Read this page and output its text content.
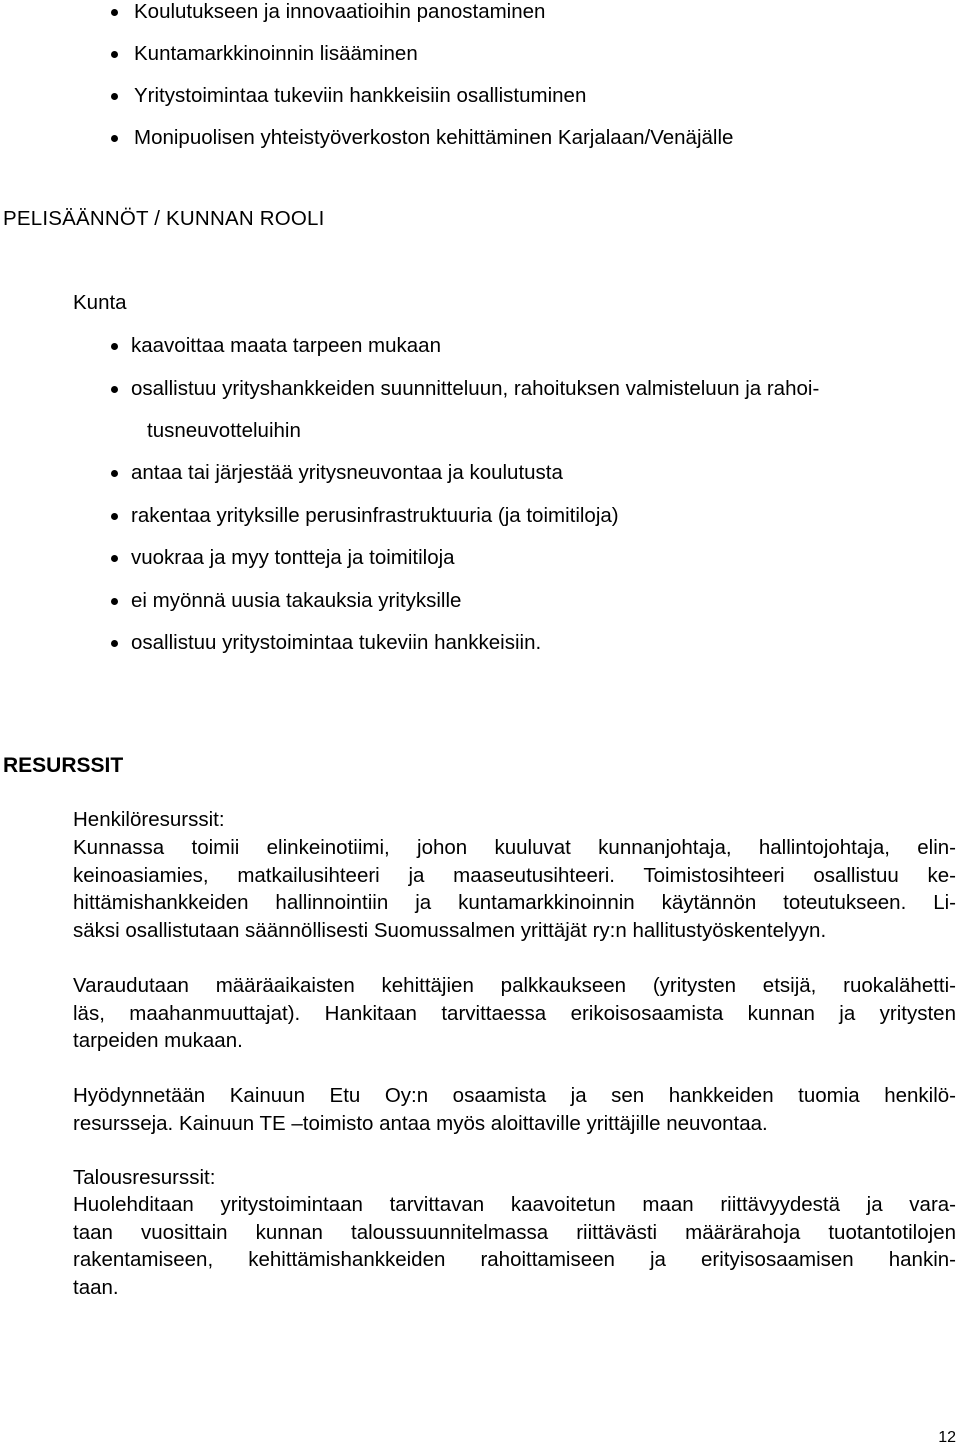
Koulutukseen ja innovaatioihin panostaminen
Kuntamarkkinoinnin lisääminen
Yritystoimintaa tukeviin hankkeisiin osallistuminen
Monipuolisen yhteistyöverkoston kehittäminen Karjalaan/Venäjälle
PELISÄÄNNÖT / KUNNAN ROOLI
Kunta
kaavoittaa maata tarpeen mukaan
osallistuu yrityshankkeiden suunnitteluun, rahoituksen valmisteluun ja rahoi-
tusneuvotteluihin
antaa tai järjestää yritysneuvontaa ja koulutusta
rakentaa yrityksille perusinfrastruktuuria (ja toimitiloja)
vuokraa ja myy tontteja ja toimitiloja
ei myönnä uusia takauksia yrityksille
osallistuu yritystoimintaa tukeviin hankkeisiin.
RESURSSIT
Henkilöresurssit:
Kunnassa toimii elinkeinotiimi, johon kuuluvat kunnanjohtaja, hallintojohtaja, elin-
keinoasiamies, matkailusihteeri ja maaseutusihteeri. Toimistosihteeri osallistuu ke-
hittämishankkeiden hallinnointiin ja kuntamarkkinoinnin käytännön toteutukseen. Li-
säksi osallistutaan säännöllisesti Suomussalmen yrittäjät ry:n hallitustyöskentelyyn.
Varaudutaan määräaikaisten kehittäjien palkkaukseen (yritysten etsijä, ruokalähetti-
läs, maahanmuuttajat). Hankitaan tarvittaessa erikoisosaamista kunnan ja yritysten
tarpeiden mukaan.
Hyödynnetään Kainuun Etu Oy:n osaamista ja sen hankkeiden tuomia henkilö-
resursseja. Kainuun TE –toimisto antaa myös aloittaville yrittäjille neuvontaa.
Talousresurssit:
Huolehditaan yritystoimintaan tarvittavan kaavoitetun maan riittävyydestä ja vara-
taan vuosittain kunnan taloussuunnitelmassa riittävästi määrärahoja tuotantotilojen
rakentamiseen, kehittämishankkeiden rahoittamiseen ja erityisosaamisen hankin-
taan.
12
